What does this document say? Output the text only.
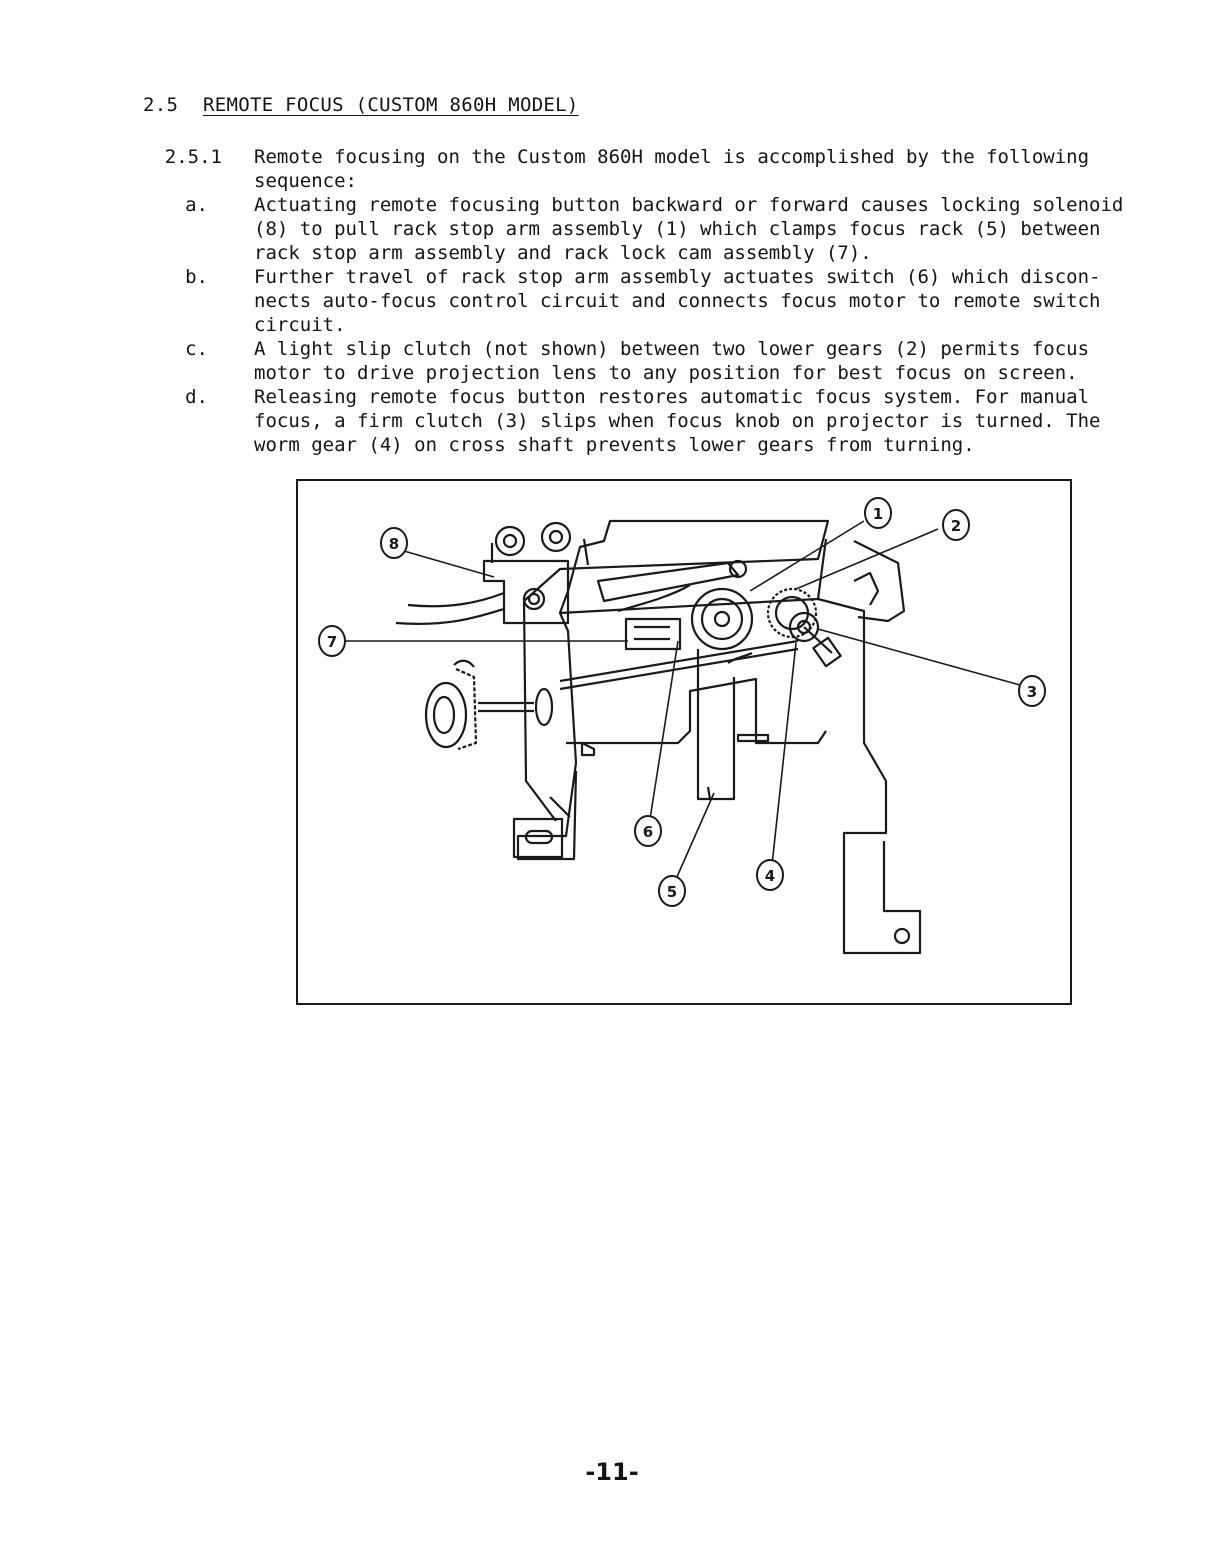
2.5 REMOTE FOCUS (CUSTOM 860H MODEL)
2.5.1 Remote focusing on the Custom 860H model is accomplished by the following
sequence:
a. Actuating remote focusing button backward or forward causes locking solenoid
(8) to pull rack stop arm assembly (1) which clamps focus rack (5) between
rack stop arm assembly and rack lock cam assembly (7).
b. Further travel of rack stop arm assembly actuates switch (6) which discon-
nects auto-focus control circuit and connects focus motor to remote switch
circuit.
c. A light slip clutch (not shown) between two lower gears (2) permits focus
motor to drive projection lens to any position for best focus on screen.
d. Releasing remote focus button restores automatic focus system. For manual
focus, a firm clutch (3) slips when focus knob on projector is turned. The
worm gear (4) on cross shaft prevents lower gears from turning.
1
2
3
4
5
6
7
8
-11-
